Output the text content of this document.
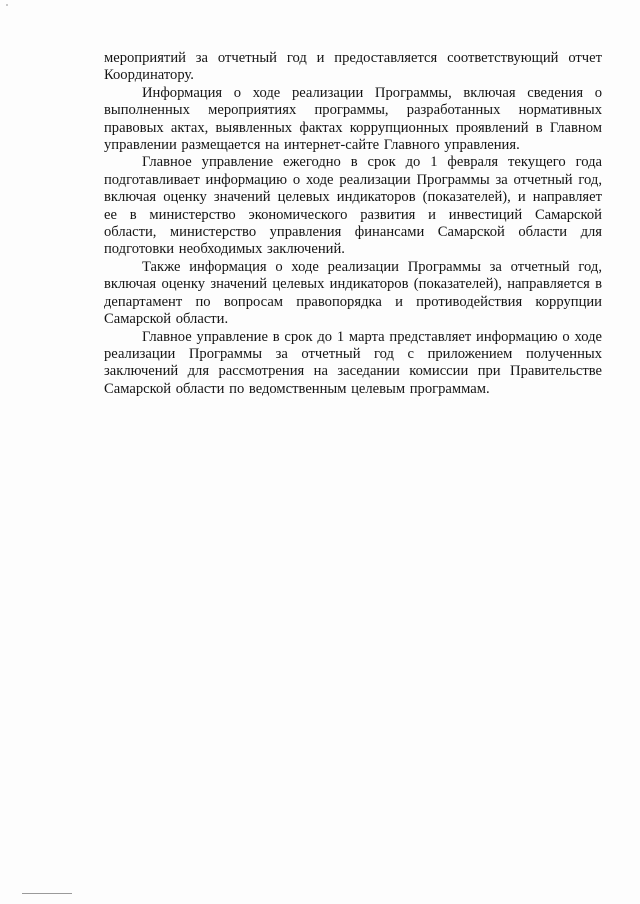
мероприятий за отчетный год и предоставляется соответствующий отчет Координатору.

Информация о ходе реализации Программы, включая сведения о выполненных мероприятиях программы, разработанных нормативных правовых актах, выявленных фактах коррупционных проявлений в Главном управлении размещается на интернет-сайте Главного управления.

Главное управление ежегодно в срок до 1 февраля текущего года подготавливает информацию о ходе реализации Программы за отчетный год, включая оценку значений целевых индикаторов (показателей), и направляет ее в министерство экономического развития и инвестиций Самарской области, министерство управления финансами Самарской области для подготовки необходимых заключений.

Также информация о ходе реализации Программы за отчетный год, включая оценку значений целевых индикаторов (показателей), направляется в департамент по вопросам правопорядка и противодействия коррупции Самарской области.

Главное управление в срок до 1 марта представляет информацию о ходе реализации Программы за отчетный год с приложением полученных заключений для рассмотрения на заседании комиссии при Правительстве Самарской области по ведомственным целевым программам.
